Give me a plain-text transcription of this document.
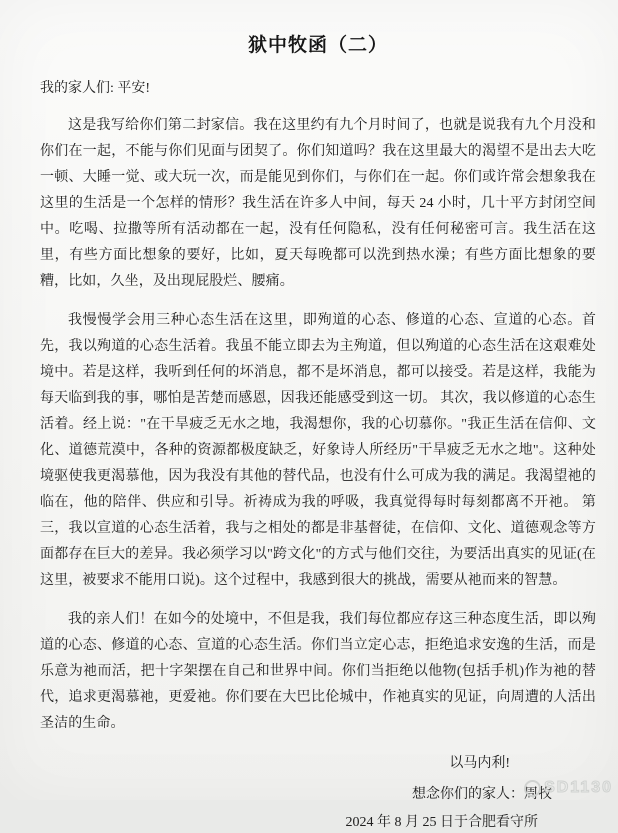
狱中牧函（二）
我的家人们: 平安!

这是我写给你们第二封家信。我在这里约有九个月时间了，也就是说我有九个月没和你们在一起，不能与你们见面与团契了。你们知道吗？我在这里最大的渴望不是出去大吃一顿、大睡一觉、或大玩一次，而是能见到你们，与你们在一起。你们或许常会想象我在这里的生活是一个怎样的情形？我生活在许多人中间，每天 24 小时，几十平方封闭空间中。吃喝、拉撒等所有活动都在一起，没有任何隐私，没有任何秘密可言。我生活在这里，有些方面比想象的要好，比如，夏天每晚都可以洗到热水澡；有些方面比想象的要糟，比如，久坐，及出现屁股烂、腰痛。

我慢慢学会用三种心态生活在这里，即殉道的心态、修道的心态、宣道的心态。首先，我以殉道的心态生活着。我虽不能立即去为主殉道，但以殉道的心态生活在这艰难处境中。若是这样，我听到任何的坏消息，都不是坏消息，都可以接受。若是这样，我能为每天临到我的事，哪怕是苦楚而感恩，因我还能感受到这一切。 其次，我以修道的心态生活着。经上说："在干旱疲乏无水之地，我渴想你，我的心切慕你。"我正生活在信仰、文化、道德荒漠中，各种的资源都极度缺乏，好象诗人所经历"干旱疲乏无水之地"。这种处境驱使我更渴慕他，因为我没有其他的替代品，也没有什么可成为我的满足。我渴望祂的临在，他的陪伴、供应和引导。祈祷成为我的呼吸，我真觉得每时每刻都离不开祂。 第三，我以宣道的心态生活着，我与之相处的都是非基督徒，在信仰、文化、道德观念等方面都存在巨大的差异。我必须学习以"跨文化"的方式与他们交往，为要活出真实的见证(在这里，被要求不能用口说)。这个过程中，我感到很大的挑战，需要从祂而来的智慧。

我的亲人们！在如今的处境中，不但是我，我们每位都应存这三种态度生活，即以殉道的心态、修道的心态、宣道的心态生活。你们当立定心志，拒绝追求安逸的生活，而是乐意为祂而活，把十字架摆在自己和世界中间。你们当拒绝以他物(包括手机)作为祂的替代，追求更渴慕祂，更爱祂。你们要在大巴比伦城中，作祂真实的见证，向周遭的人活出圣洁的生命。

以马内利!
想念你们的家人：周牧
2024 年 8 月 25 日于合肥看守所
SD1130
